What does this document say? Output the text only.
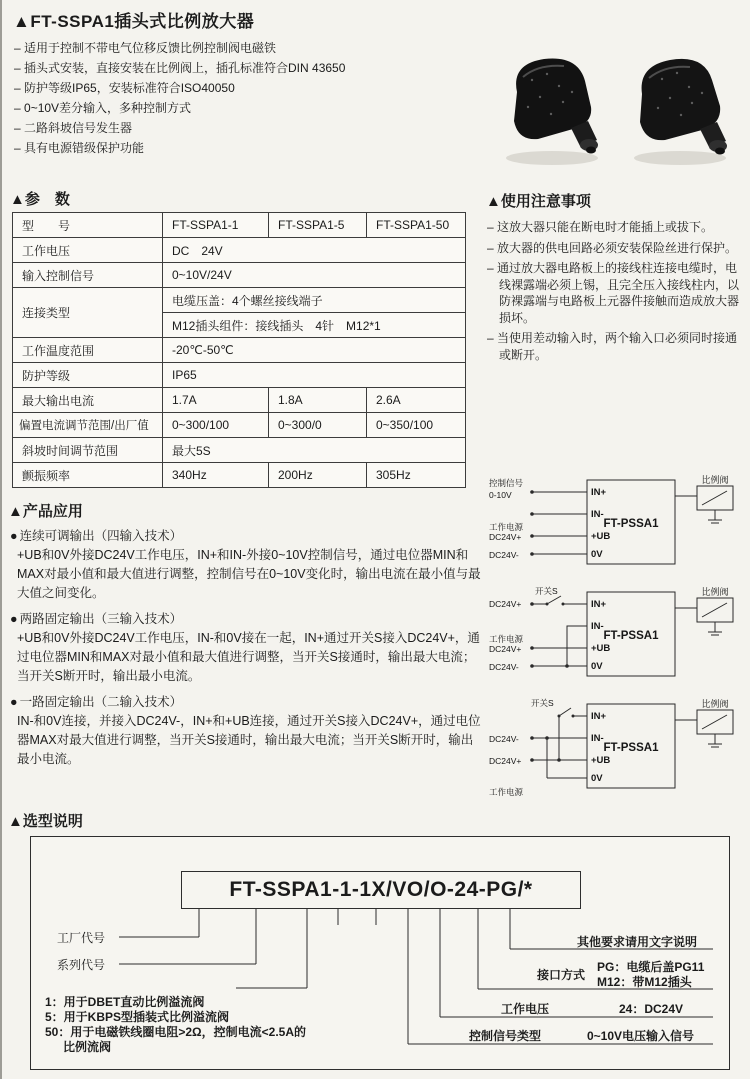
▲FT-SSPA1插头式比例放大器
– 适用于控制不带电气位移反馈比例控制阀电磁铁
– 插头式安装，直接安装在比例阀上，插孔标准符合DIN 43650
– 防护等级IP65，安装标准符合ISO40050
– 0~10V差分输入，多种控制方式
– 二路斜坡信号发生器
– 具有电源错级保护功能
▲参　数
型　　号	FT-SSPA1-1	FT-SSPA1-5	FT-SSPA1-50
工作电压	DC　24V		
输入控制信号	0~10V/24V		
连接类型	电缆压盖：4个螺丝接线端子		
	M12插头组件：接线插头　4针　M12*1		
工作温度范围	-20℃-50℃		
防护等级	IP65		
最大输出电流	1.7A	1.8A	2.6A
偏置电流调节范围/出厂值	0~300/100	0~300/0	0~350/100
斜坡时间调节范围	最大5S		
颤振频率	340Hz	200Hz	305Hz
▲使用注意事项
– 这放大器只能在断电时才能插上或拔下。
– 放大器的供电回路必须安装保险丝进行保护。
– 通过放大器电路板上的接线柱连接电缆时，电线裸露端必须上锡，且完全压入接线柱内，以防裸露端与电路板上元器件接触而造成放大器损坏。
– 当使用差动输入时，两个输入口必须同时接通或断开。
控制信号
0-10V
工作电源
DC24V+
DC24V-
IN+
IN-
+UB
0V
FT-PSSA1
比例阀
开关S
DC24V+
工作电源
DC24V+
DC24V-
IN+
IN-
+UB
0V
FT-PSSA1
比例阀
开关S
DC24V-
DC24V+
工作电源
IN+
IN-
+UB
0V
FT-PSSA1
比例阀
▲产品应用
● 连续可调输出（四输入技术）
+UB和0V外接DC24V工作电压，IN+和IN-外接0~10V控制信号，通过电位器MIN和MAX对最小值和最大值进行调整，控制信号在0~10V变化时，输出电流在最小值与最大值之间变化。
● 两路固定输出（三输入技术）
+UB和0V外接DC24V工作电压，IN-和0V接在一起，IN+通过开关S接入DC24V+，通过电位器MIN和MAX对最小值和最大值进行调整，当开关S接通时，输出最大电流；当开关S断开时，输出最小电流。
● 一路固定输出（二输入技术）
IN-和0V连接，并接入DC24V-，IN+和+UB连接，通过开关S接入DC24V+，通过电位器MAX对最大值进行调整，当开关S接通时，输出最大电流；当开关S断开时，输出最小电流。
▲选型说明
FT-SSPA1-1-1X/VO/O-24-PG/*
工厂代号
系列代号
1：用于DBET直动比例溢流阀
5：用于KBPS型插装式比例溢流阀
50：用于电磁铁线圈电阻>2Ω，控制电流<2.5A的
比例流阀
其他要求请用文字说明
接口方式
PG：电缆后盖PG11
M12：带M12插头
工作电压	24：DC24V
控制信号类型	0~10V电压输入信号
